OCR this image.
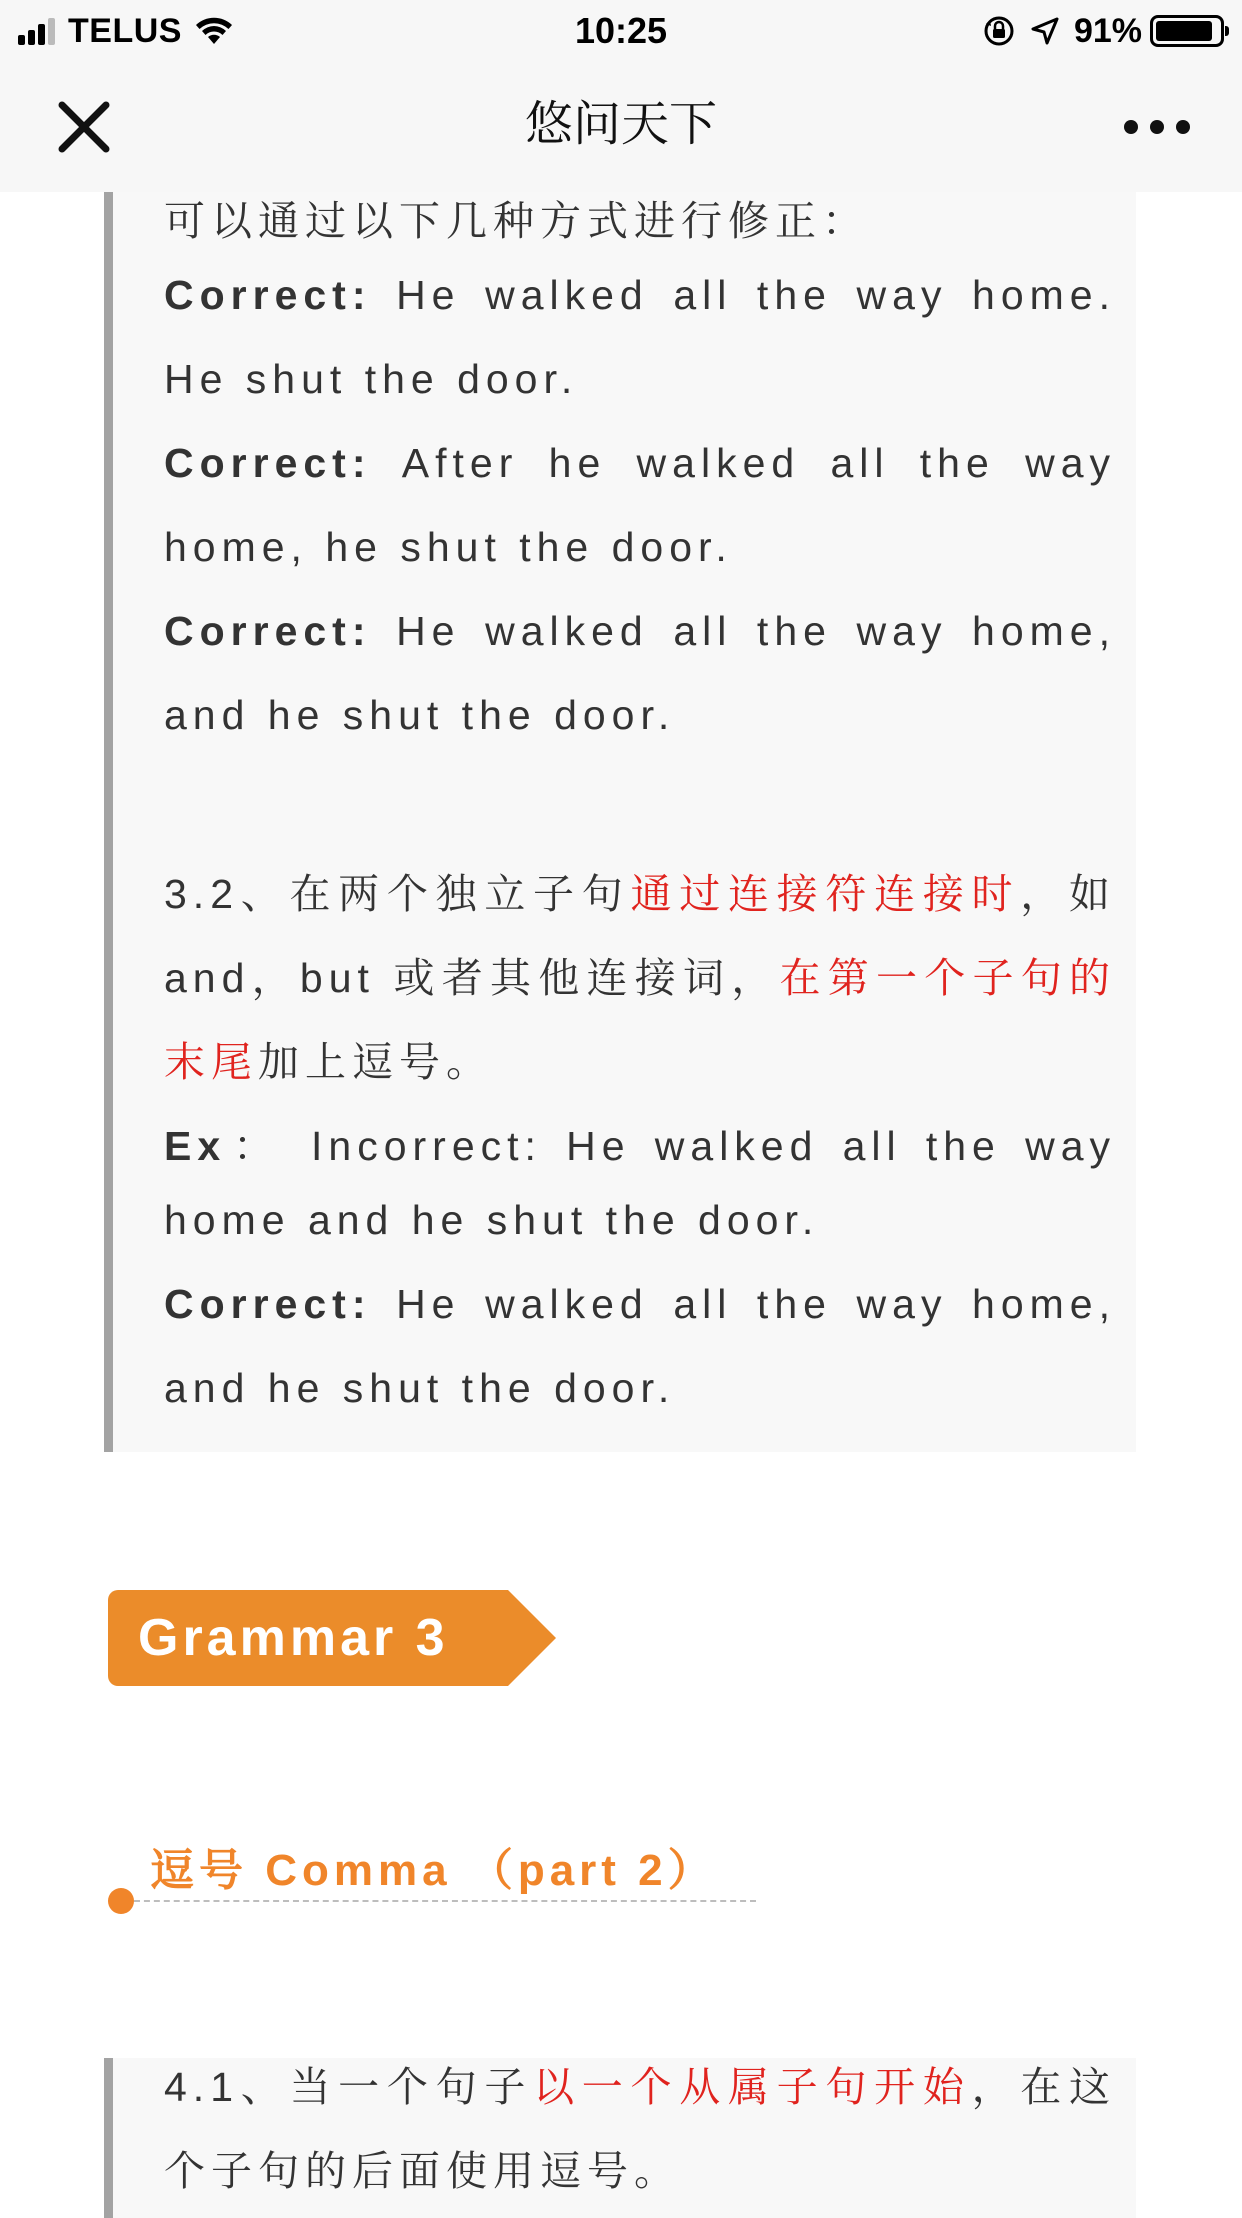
TELUS	10:25	91%
悠问天下
可以通过以下几种方式进行修正：
Correct: He walked all the way home.
He shut the door.
Correct: After he walked all the way
home, he shut the door.
Correct: He walked all the way home,
and he shut the door.
3.2、在两个独立子句通过连接符连接时，如
and，but 或者其他连接词，在第一个子句的
末尾加上逗号。
Ex： Incorrect: He walked all the way
home and he shut the door.
Correct: He walked all the way home,
and he shut the door.
Grammar 3
逗号 Comma （part 2）
4.1、当一个句子以一个从属子句开始，在这
个子句的后面使用逗号。
